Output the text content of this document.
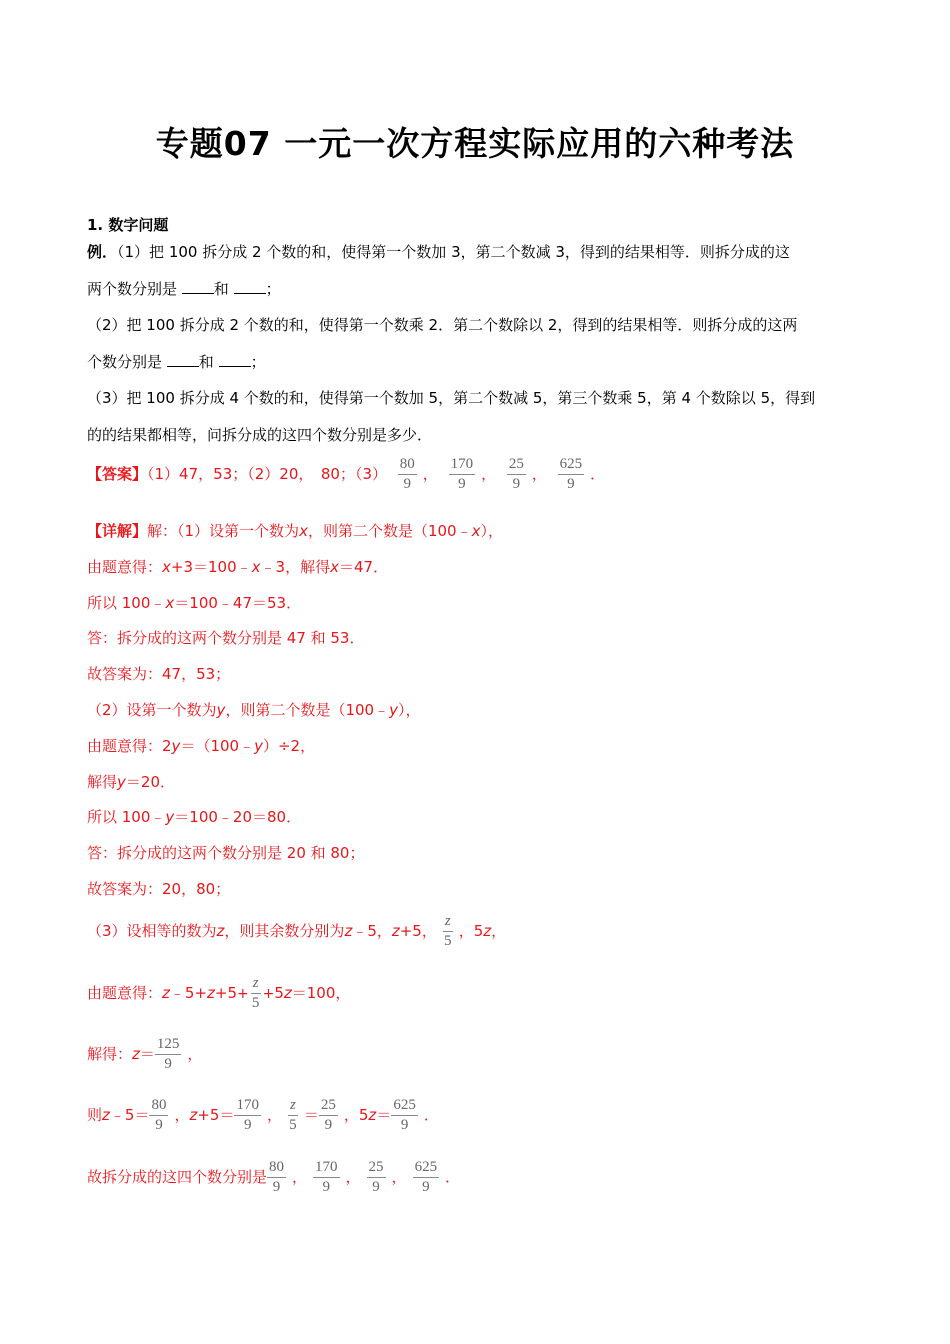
专题07 一元一次方程实际应用的六种考法
1. 数字问题
例．（1）把 100 拆分成 2 个数的和，使得第一个数加 3，第二个数减 3，得到的结果相等．则拆分成的这
两个数分别是 和 ；
（2）把 100 拆分成 2 个数的和，使得第一个数乘 2．第二个数除以 2，得到的结果相等．则拆分成的这两
个数分别是 和 ；
（3）把 100 拆分成 4 个数的和，使得第一个数加 5，第二个数减 5，第三个数乘 5，第 4 个数除以 5，得到
的的结果都相等，问拆分成的这四个数分别是多少．
【答案】（1）47，53；（2）20，　80；$(3) \frac{80}{9}$ ， $\frac{170}{9}$ ， $\frac{25}{9}$ ， $\frac{625}{9}$ ．
【详解】解：（1）设第一个数为x，则第二个数是（100﹣x），
由题意得：x+3＝100﹣x﹣3，解得x＝47．
所以 100﹣x＝100﹣47＝53．
答：拆分成的这两个数分别是 47 和 53．
故答案为：47，53；
（2）设第一个数为y，则第二个数是（100﹣y），
由题意得：2y＝（100﹣y）÷2，
解得y＝20．
所以 100﹣y＝100﹣20＝80．
答：拆分成的这两个数分别是 20 和 80；
故答案为：20，80；
（3）设相等的数为z，则其余数分别为z﹣5，z+5， $\frac{z}{5}$ ，5z，
由题意得：z﹣5+z+5+ $\frac{z}{5} +5z=100$，
解得：$z= \frac{125}{9}$ ，
则z﹣5＝ $\frac{80}{9}$ ，$z+5= \frac{170}{9}$ ， $\frac{z}{5} = \frac{25}{9}$ ，$5z= \frac{625}{9}$ ．
故拆分成的这四个数分别是 $\frac{80}{9}$ ， $\frac{170}{9}$ ， $\frac{25}{9}$ ， $\frac{625}{9}$ ．
